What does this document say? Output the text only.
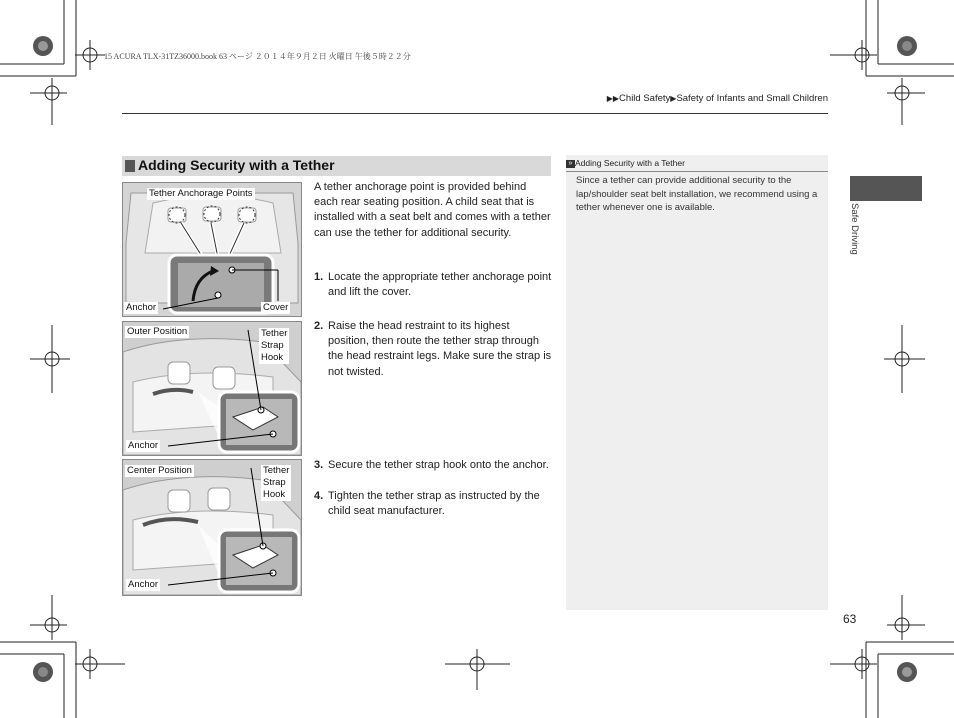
15 ACURA TLX-31TZ36000.book 63 ページ ２０１４年９月２日 火曜日 午後５時２２分
▶▶Child Safety▶Safety of Infants and Small Children
Adding Security with a Tether
Tether Anchorage Points
Anchor	Cover
Outer Position	Tether
Strap
Hook
Anchor
Center Position	Tether
Strap
Hook
Anchor
A tether anchorage point is provided behind each rear seating position. A child seat that is installed with a seat belt and comes with a tether can use the tether for additional security.
1. Locate the appropriate tether anchorage point and lift the cover.
2. Raise the head restraint to its highest position, then route the tether strap through the head restraint legs. Make sure the strap is not twisted.
3. Secure the tether strap hook onto the anchor.
4. Tighten the tether strap as instructed by the child seat manufacturer.
» Adding Security with a Tether
Since a tether can provide additional security to the lap/shoulder seat belt installation, we recommend using a tether whenever one is available.	Safe Driving
63
